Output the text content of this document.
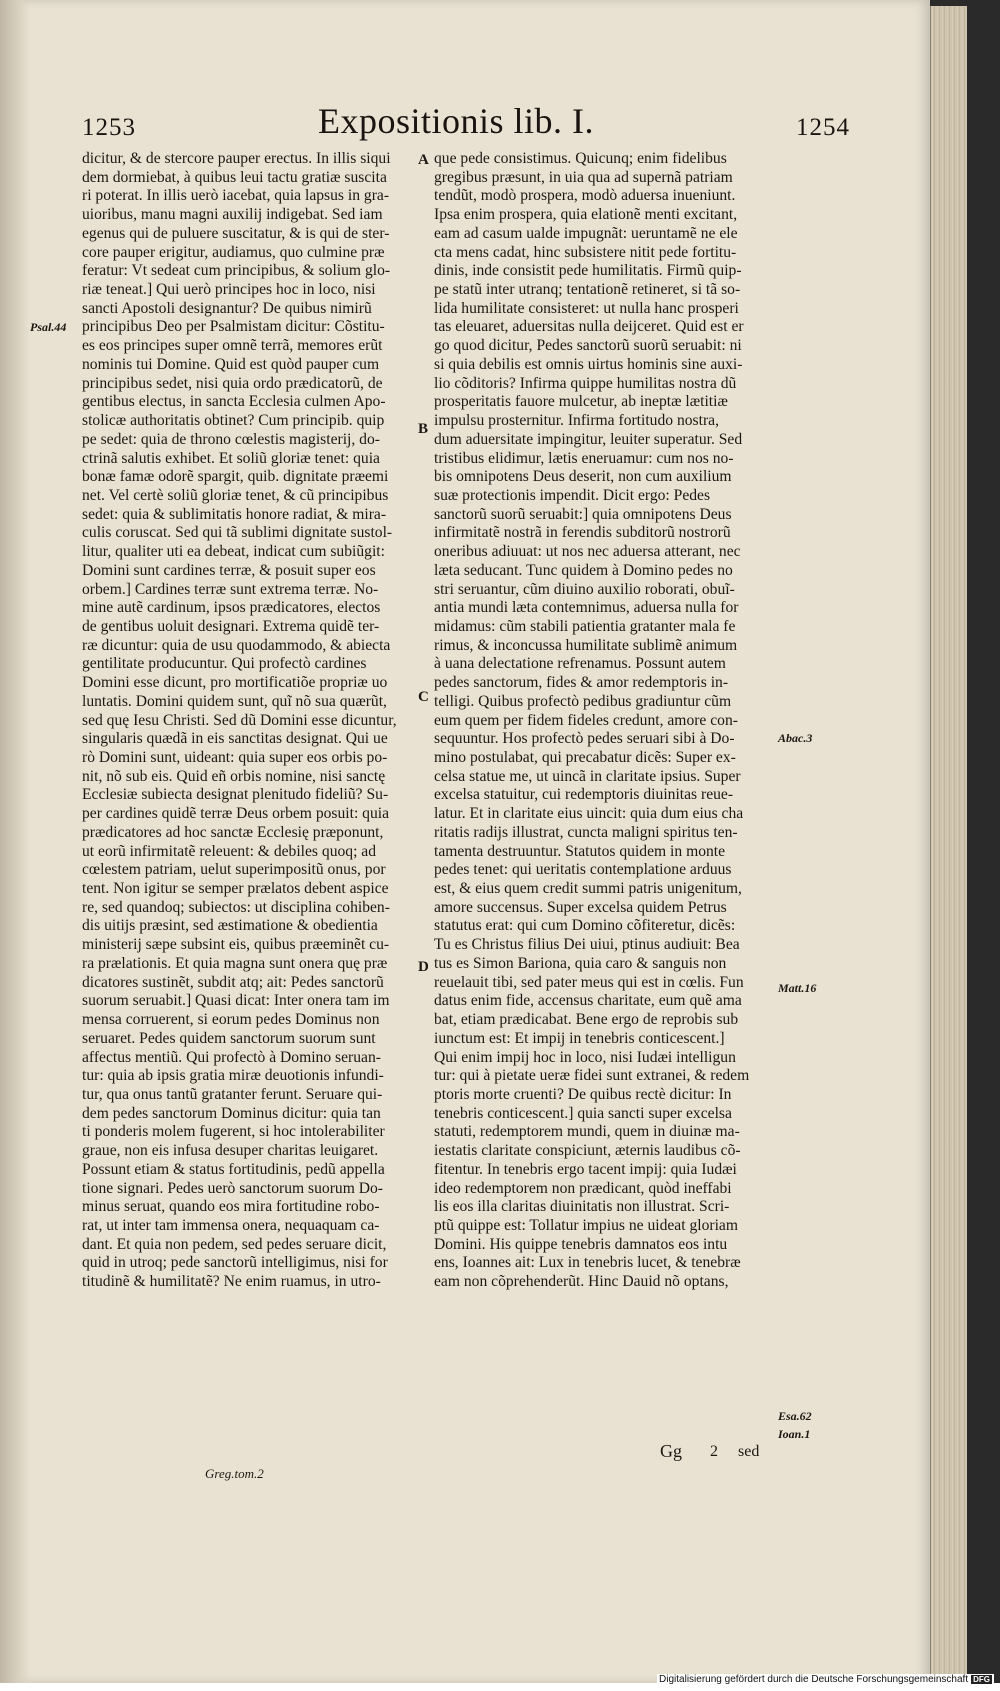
1253	Expositionis lib. I.	1254
dicitur, & de stercore pauper erectus. In illis siqui
dem dormiebat, à quibus leui tactu gratiæ suscita
ri poterat. In illis uerò iacebat, quia lapsus in gra-
uioribus, manu magni auxilij indigebat. Sed iam
egenus qui de puluere suscitatur, & is qui de ster-
core pauper erigitur, audiamus, quo culmine præ
feratur: Vt sedeat cum principibus, & solium glo-
riæ teneat.] Qui uerò principes hoc in loco, nisi
sancti Apostoli designantur? De quibus nimirũ
principibus Deo per Psalmistam dicitur: Cõstitu-
es eos principes super omnẽ terrã, memores erũt
nominis tui Domine. Quid est quòd pauper cum
principibus sedet, nisi quia ordo prædicatorũ, de
gentibus electus, in sancta Ecclesia culmen Apo-
stolicæ authoritatis obtinet? Cum principib. quip
pe sedet: quia de throno cœlestis magisterij, do-
ctrinã salutis exhibet. Et soliũ gloriæ tenet: quia
bonæ famæ odorẽ spargit, quib. dignitate præemi
net. Vel certè soliũ gloriæ tenet, & cũ principibus
sedet: quia & sublimitatis honore radiat, & mira-
culis coruscat. Sed qui tã sublimi dignitate sustol-
litur, qualiter uti ea debeat, indicat cum subiũgit:
Domini sunt cardines terræ, & posuit super eos
orbem.] Cardines terræ sunt extrema terræ. No-
mine autẽ cardinum, ipsos prædicatores, electos
de gentibus uoluit designari. Extrema quidẽ ter-
ræ dicuntur: quia de usu quodammodo, & abiecta
gentilitate producuntur. Qui profectò cardines
Domini esse dicunt, pro mortificatiõe propriæ uo
luntatis. Domini quidem sunt, quĩ nõ sua quærũt,
sed quę Iesu Christi. Sed dũ Domini esse dicuntur,
singularis quædã in eis sanctitas designat. Qui ue
rò Domini sunt, uideant: quia super eos orbis po-
nit, nõ sub eis. Quid eñ orbis nomine, nisi sanctę
Ecclesiæ subiecta designat plenitudo fideliũ? Su-
per cardines quidẽ terræ Deus orbem posuit: quia
prædicatores ad hoc sanctæ Ecclesię præponunt,
ut eorũ infirmitatẽ releuent: & debiles quoq; ad
cœlestem patriam, uelut superimpositũ onus, por
tent. Non igitur se semper prælatos debent aspice
re, sed quandoq; subiectos: ut disciplina cohiben-
dis uitijs præsint, sed æstimatione & obedientia
ministerij sæpe subsint eis, quibus præeminẽt cu-
ra prælationis. Et quia magna sunt onera quę præ
dicatores sustinẽt, subdit atq; ait: Pedes sanctorũ
suorum seruabit.] Quasi dicat: Inter onera tam im
mensa corruerent, si eorum pedes Dominus non
seruaret. Pedes quidem sanctorum suorum sunt
affectus mentiũ. Qui profectò à Domino seruan-
tur: quia ab ipsis gratia miræ deuotionis infundi-
tur, qua onus tantũ gratanter ferunt. Seruare qui-
dem pedes sanctorum Dominus dicitur: quia tan
ti ponderis molem fugerent, si hoc intolerabiliter
graue, non eis infusa desuper charitas leuigaret.
Possunt etiam & status fortitudinis, pedũ appella
tione signari. Pedes uerò sanctorum suorum Do-
minus seruat, quando eos mira fortitudine robo-
rat, ut inter tam immensa onera, nequaquam ca-
dant. Et quia non pedem, sed pedes seruare dicit,
quid in utroq; pede sanctorũ intelligimus, nisi for
titudinẽ & humilitatẽ? Ne enim ruamus, in utro-
que pede consistimus. Quicunq; enim fidelibus
gregibus præsunt, in uia qua ad supernã patriam
tendũt, modò prospera, modò aduersa inueniunt.
Ipsa enim prospera, quia elationẽ menti excitant,
eam ad casum ualde impugnãt: ueruntamẽ ne ele
cta mens cadat, hinc subsistere nitit pede fortitu-
dinis, inde consistit pede humilitatis. Firmũ quip-
pe statũ inter utranq; tentationẽ retineret, si tã so-
lida humilitate consisteret: ut nulla hanc prosperi
tas eleuaret, aduersitas nulla deijceret. Quid est er
go quod dicitur, Pedes sanctorũ suorũ seruabit: ni
si quia debilis est omnis uirtus hominis sine auxi-
lio cõditoris? Infirma quippe humilitas nostra dũ
prosperitatis fauore mulcetur, ab ineptæ lætitiæ
impulsu prosternitur. Infirma fortitudo nostra,
dum aduersitate impingitur, leuiter superatur. Sed
tristibus elidimur, lætis eneruamur: cum nos no-
bis omnipotens Deus deserit, non cum auxilium
suæ protectionis impendit. Dicit ergo: Pedes
sanctorũ suorũ seruabit:] quia omnipotens Deus
infirmitatẽ nostrã in ferendis subditorũ nostrorũ
oneribus adiuuat: ut nos nec aduersa atterant, nec
læta seducant. Tunc quidem à Domino pedes no
stri seruantur, cũm diuino auxilio roborati, obuĩ-
antia mundi læta contemnimus, aduersa nulla for
midamus: cũm stabili patientia gratanter mala fe
rimus, & inconcussa humilitate sublimẽ animum
à uana delectatione refrenamus. Possunt autem
pedes sanctorum, fides & amor redemptoris in-
telligi. Quibus profectò pedibus gradiuntur cũm
eum quem per fidem fideles credunt, amore con-
sequuntur. Hos profectò pedes seruari sibi à Do-
mino postulabat, qui precabatur dicẽs: Super ex-
celsa statue me, ut uincã in claritate ipsius. Super
excelsa statuitur, cui redemptoris diuinitas reue-
latur. Et in claritate eius uincit: quia dum eius cha
ritatis radijs illustrat, cuncta maligni spiritus ten-
tamenta destruuntur. Statutos quidem in monte
pedes tenet: qui ueritatis contemplatione arduus
est, & eius quem credit summi patris unigenitum,
amore succensus. Super excelsa quidem Petrus
statutus erat: qui cum Domino cõfiteretur, dicẽs:
Tu es Christus filius Dei uiui, ptinus audiuit: Bea
tus es Simon Bariona, quia caro & sanguis non
reuelauit tibi, sed pater meus qui est in cœlis. Fun
datus enim fide, accensus charitate, eum quẽ ama
bat, etiam prædicabat. Bene ergo de reprobis sub
iunctum est: Et impij in tenebris conticescent.]
Qui enim impij hoc in loco, nisi Iudæi intelligun
tur: qui à pietate ueræ fidei sunt extranei, & redem
ptoris morte cruenti? De quibus rectè dicitur: In
tenebris conticescent.] quia sancti super excelsa
statuti, redemptorem mundi, quem in diuinæ ma-
iestatis claritate conspiciunt, æternis laudibus cõ-
fitentur. In tenebris ergo tacent impij: quia Iudæi
ideo redemptorem non prædicant, quòd ineffabi
lis eos illa claritas diuinitatis non illustrat. Scri-
ptũ quippe est: Tollatur impius ne uideat gloriam
Domini. His quippe tenebris damnatos eos intu
ens, Ioannes ait: Lux in tenebris lucet, & tenebræ
eam non cõprehenderũt. Hinc Dauid nõ optans,
A
B
C
D
Psal.44
Abac.3
Matt.16
Esa.62
Ioan.1
Greg.tom.2
Gg 2 sed
Digitalisierung gefördert durch die Deutsche Forschungsgemeinschaft DFG
